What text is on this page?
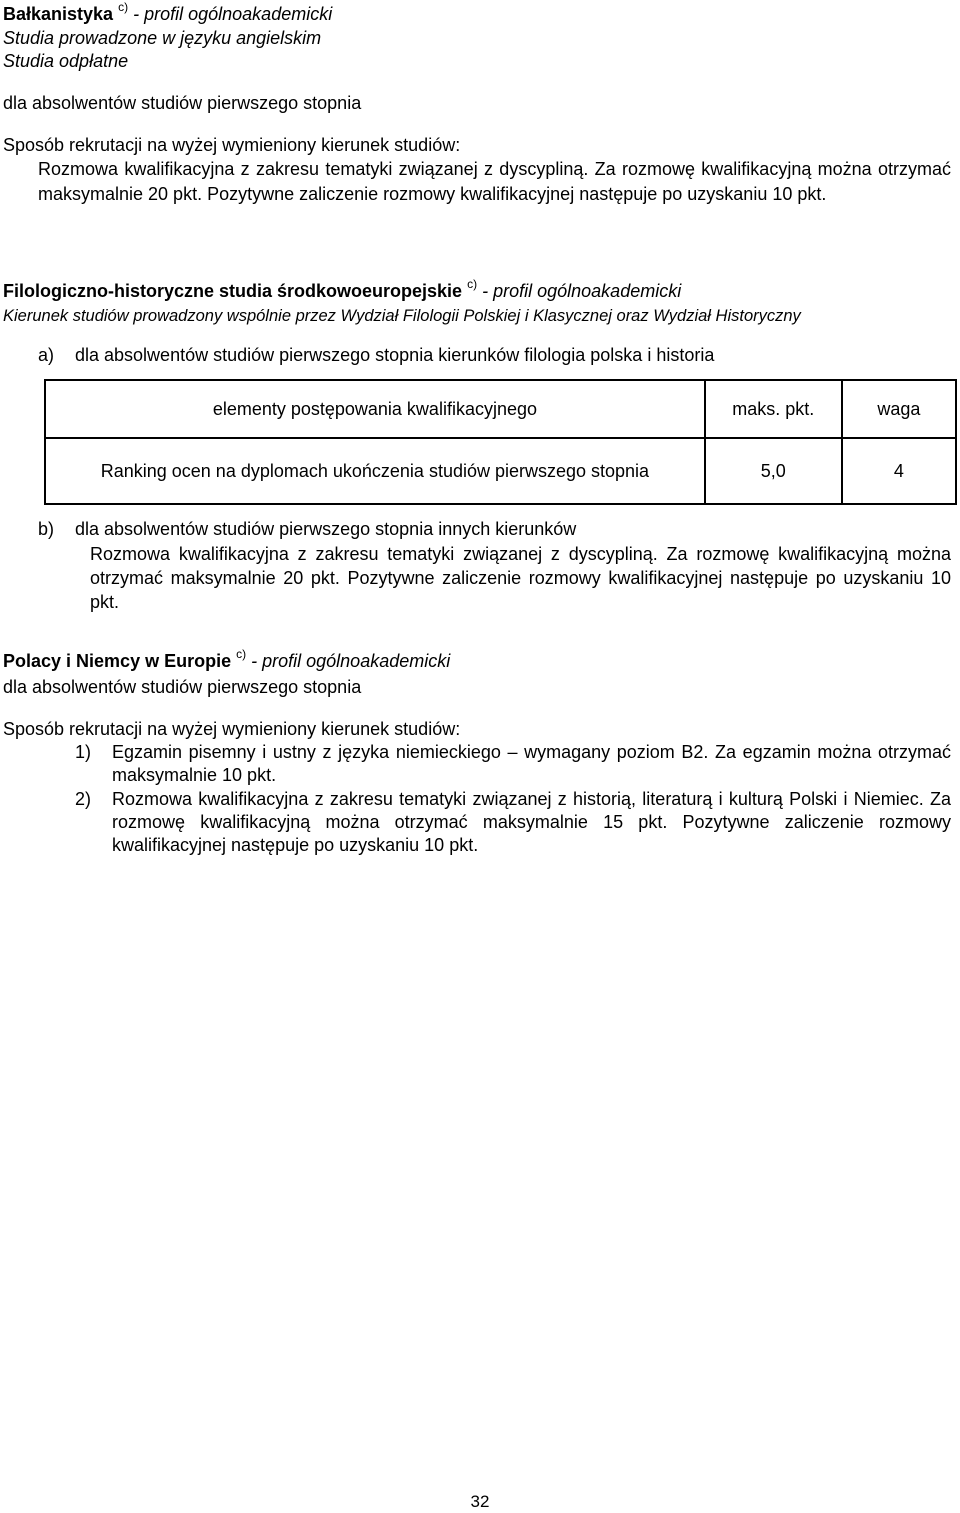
Bałkanistyka $^{c)}$ - profil ogólnoakademicki
Studia prowadzone w języku angielskim
Studia odpłatne
dla absolwentów studiów pierwszego stopnia
Sposób rekrutacji na wyżej wymieniony kierunek studiów:
Rozmowa kwalifikacyjna z zakresu tematyki związanej z dyscypliną. Za rozmowę kwalifikacyjną można otrzymać maksymalnie 20 pkt. Pozytywne zaliczenie rozmowy kwalifikacyjnej następuje po uzyskaniu 10 pkt.
Filologiczno-historyczne studia środkowoeuropejskie $^{c)}$ - profil ogólnoakademicki
Kierunek studiów prowadzony wspólnie przez Wydział Filologii Polskiej i Klasycznej oraz Wydział Historyczny
a) dla absolwentów studiów pierwszego stopnia kierunków filologia polska i historia
elementy postępowania kwalifikacyjnego	maks. pkt.	waga
Ranking ocen na dyplomach ukończenia studiów pierwszego stopnia	5,0	4
b) dla absolwentów studiów pierwszego stopnia innych kierunków
Rozmowa kwalifikacyjna z zakresu tematyki związanej z dyscypliną. Za rozmowę kwalifikacyjną można otrzymać maksymalnie 20 pkt. Pozytywne zaliczenie rozmowy kwalifikacyjnej następuje po uzyskaniu 10 pkt.
Polacy i Niemcy w Europie $^{c)}$ - profil ogólnoakademicki
dla absolwentów studiów pierwszego stopnia
Sposób rekrutacji na wyżej wymieniony kierunek studiów:
1) Egzamin pisemny i ustny z języka niemieckiego – wymagany poziom B2. Za egzamin można otrzymać maksymalnie 10 pkt.
2) Rozmowa kwalifikacyjna z zakresu tematyki związanej z historią, literaturą i kulturą Polski i Niemiec. Za rozmowę kwalifikacyjną można otrzymać maksymalnie 15 pkt. Pozytywne zaliczenie rozmowy kwalifikacyjnej następuje po uzyskaniu 10 pkt.
32
